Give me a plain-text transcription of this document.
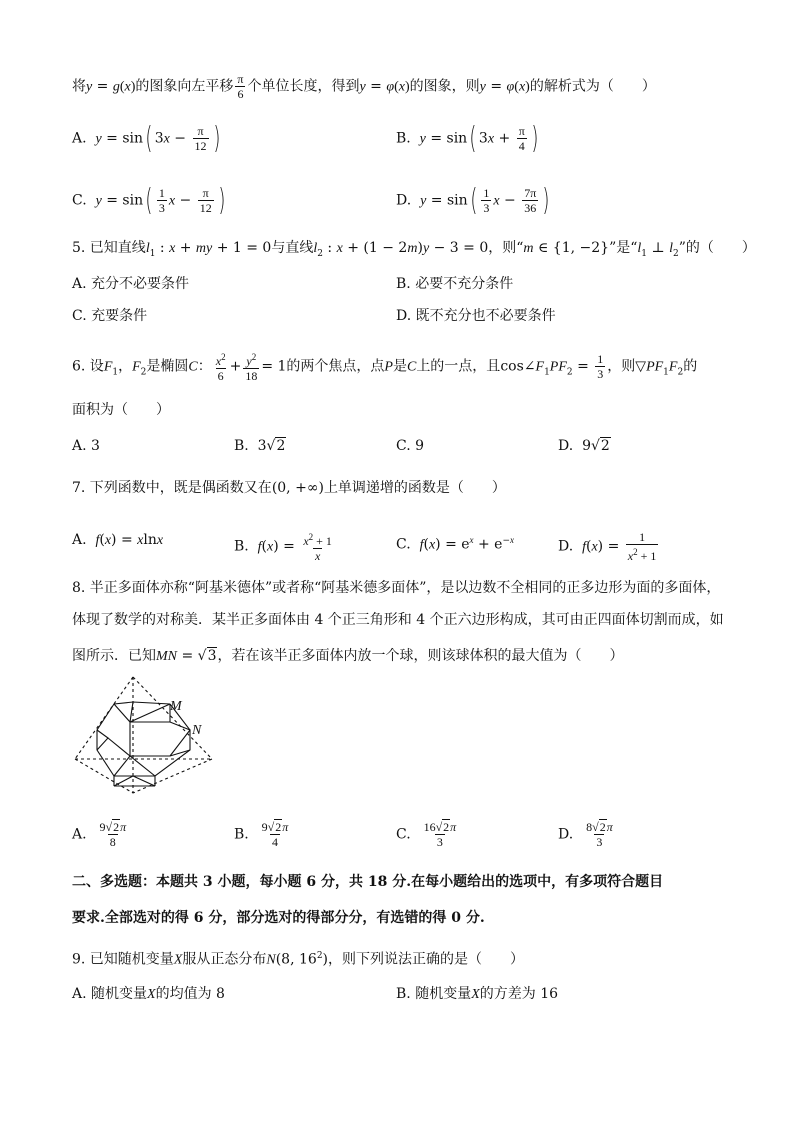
将y = g(x)的图象向左平移 $\frac{\pi}{6}$ 个单位长度，得到y = φ(x)的图象，则y = φ(x)的解析式为（　　）
A. y = sin( $3x - \frac{\pi}{12}$ )	B. y = sin( $3x + \frac{\pi}{4}$ )
C. $y = \sin( \frac{1}{3}$ $x - \frac{\pi}{12}$ )	D. $y = \sin( \frac{1}{3}$ $x - \frac{7\pi}{36}$ )
5. 已知直线$l_1$ : x + my + 1 = 0与直线$l_2$ : x + (1 − 2m)y − 3 = 0，则“m ∈ {1, −2}”是“$l_1$ ⊥ $l_2$”的（　　）
A. 充分不必要条件	B. 必要不充分条件
C. 充要条件	D. 既不充分也不必要条件
6. 设$F_1$，$F_2$是椭圆C： $\frac{x^2}{6} + \frac{y^2}{18} = 1$的两个焦点，点P是C上的一点，且$\cos\angle F_1PF_2 = \frac{1}{3}$ ，则$▽PF_1F_2$的
面积为（　　）
A. 3	B.  3√2	C. 9	D.  9√2
7. 下列函数中，既是偶函数又在(0, +∞)上单调递增的函数是（　　）
A. f(x) = xlnx	B. $f(x) = \frac{x^2 + 1}{x}$	C. $f(x) = e^x + e^{-x}$	D. $f(x) = \frac{1}{x^2 + 1}$
8. 半正多面体亦称“阿基米德体”或者称“阿基米德多面体”，是以边数不全相同的正多边形为面的多面体，
体现了数学的对称美．某半正多面体由 4 个正三角形和 4 个正六边形构成，其可由正四面体切割而成，如
图所示．已知MN = √3，若在该半正多面体内放一个球，则该球体积的最大值为（　　）
M
N
A. $\frac{9√2\pi}{8}$	B. $\frac{9√2\pi}{4}$	C. $\frac{16√2\pi}{3}$	D. $\frac{8√2\pi}{3}$
二、多选题：本题共 3 小题，每小题 6 分，共 18 分.在每小题给出的选项中，有多项符合题目
要求.全部选对的得 6 分，部分选对的得部分分，有选错的得 0 分.
9. 已知随机变量X服从正态分布N(8, $16^2$)，则下列说法正确的是（　　）
A. 随机变量X的均值为 8	B. 随机变量X的方差为 16
